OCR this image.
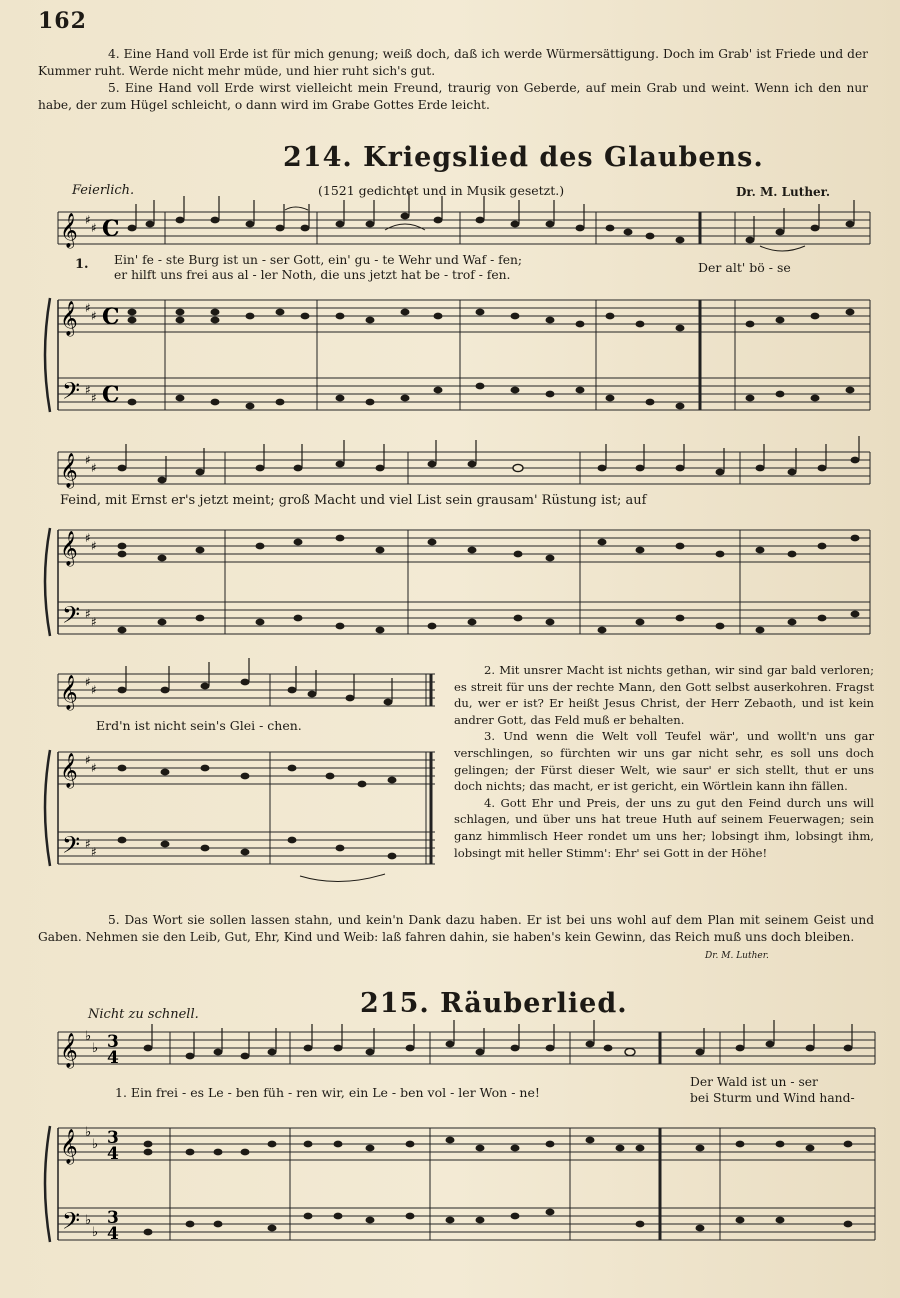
162

4. Eine Hand voll Erde ist für mich genung; weiß doch, daß ich werde Würmersättigung. Doch im Grab' ist Friede und der Kummer ruht. Werde nicht mehr müde, und hier ruht sich's gut.

5. Eine Hand voll Erde wirst vielleicht mein Freund, traurig von Geberde, auf mein Grab und weint. Wenn ich den nur habe, der zum Hügel schleicht, o dann wird im Grabe Gottes Erde leicht.

214. Kriegslied des Glaubens.
Feierlich.	(1521 gedichtet und in Musik gesetzt.)	Dr. M. Luther.
𝄞
𝄞
𝄢
♯
♯
♯
♯
♯
♯
C
C
C
1. Ein' fe - ste Burg ist un - ser Gott, ein' gu - te Wehr und Waf - fen;
er hilft uns frei aus al - ler Noth, die uns jetzt hat be - trof - fen.	Der alt' bö - se
𝄞
𝄞
𝄢
♯
♯
♯
♯
♯
♯
Feind, mit Ernst er's jetzt meint; groß Macht und viel List sein grausam' Rüstung ist; auf
𝄞
𝄞
𝄢
♯
♯
♯
♯
♯
♯
Erd'n ist nicht sein's Glei - chen.

2. Mit unsrer Macht ist nichts gethan, wir sind gar bald verloren; es streit für uns der rechte Mann, den Gott selbst auserkohren. Fragst du, wer er ist? Er heißt Jesus Christ, der Herr Zebaoth, und ist kein andrer Gott, das Feld muß er behalten.

3. Und wenn die Welt voll Teufel wär', und wollt'n uns gar verschlingen, so fürchten wir uns gar nicht sehr, es soll uns doch gelingen; der Fürst dieser Welt, wie saur' er sich stellt, thut er uns doch nichts; das macht, er ist gericht, ein Wörtlein kann ihn fällen.

4. Gott Ehr und Preis, der uns zu gut den Feind durch uns will schlagen, und über uns hat treue Huth auf seinem Feuerwagen; sein ganz himmlisch Heer rondet um uns her; lobsingt ihm, lobsingt ihm, lobsingt mit heller Stimm': Ehr' sei Gott in der Höhe!

5. Das Wort sie sollen lassen stahn, und kein'n Dank dazu haben. Er ist bei uns wohl auf dem Plan mit seinem Geist und Gaben. Nehmen sie den Leib, Gut, Ehr, Kind und Weib: laß fahren dahin, sie haben's kein Gewinn, das Reich muß uns doch bleiben.

Dr. M. Luther.
215. Räuberlied.
Nicht zu schnell.
𝄞
𝄞
𝄢
♭
♭
♭
♭
♭
♭
3
4
3
4
3
4
1. Ein frei - es Le - ben füh - ren wir, ein Le - ben vol - ler Won - ne!
Der Wald ist un - ser
bei Sturm und Wind hand-
